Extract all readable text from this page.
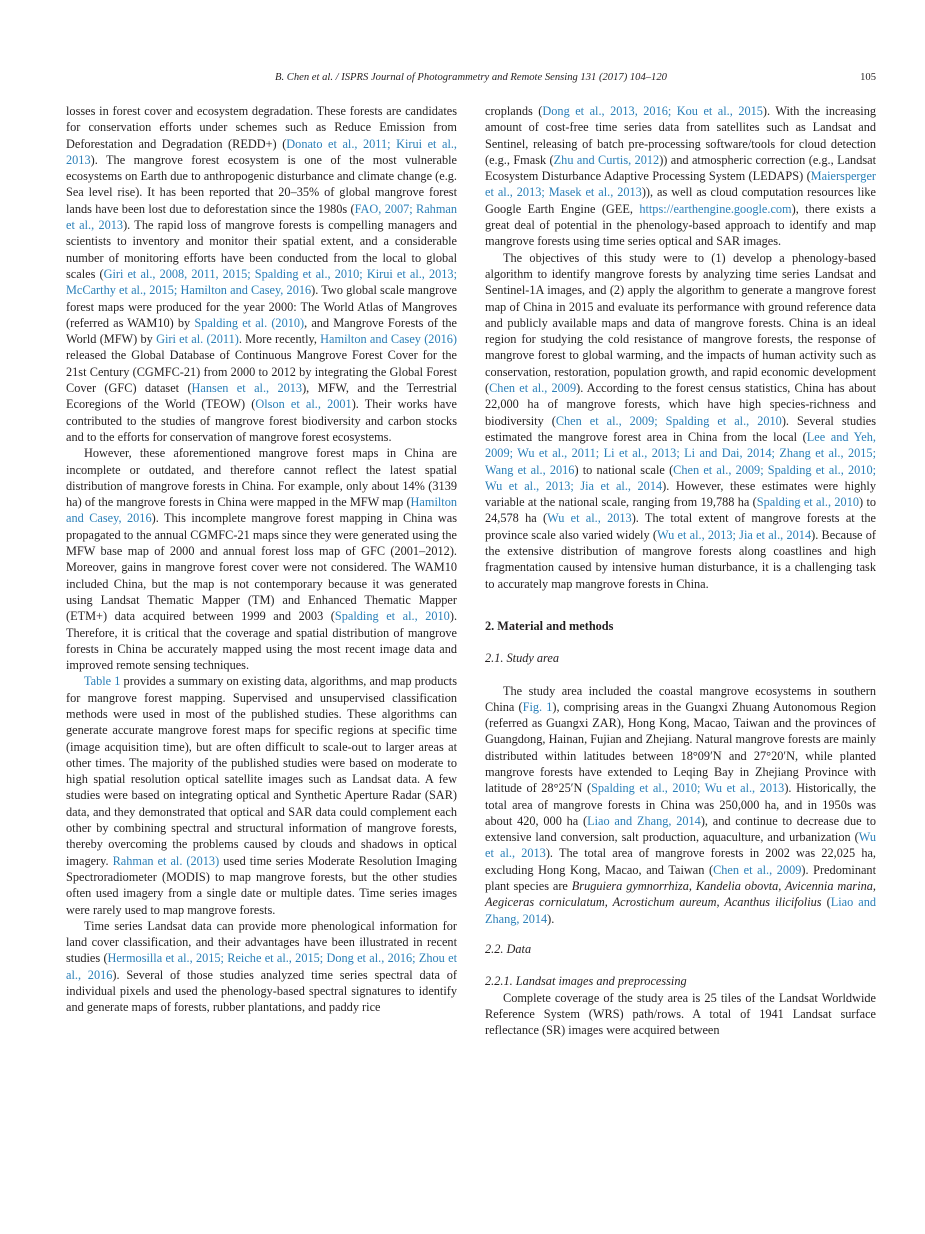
B. Chen et al. / ISPRS Journal of Photogrammetry and Remote Sensing 131 (2017) 104–120	105

losses in forest cover and ecosystem degradation. These forests are candidates for conservation efforts under schemes such as Reduce Emission from Deforestation and Degradation (REDD+) (Donato et al., 2011; Kirui et al., 2013). The mangrove forest ecosystem is one of the most vulnerable ecosystems on Earth due to anthropogenic disturbance and climate change (e.g. Sea level rise). It has been reported that 20–35% of global mangrove forest lands have been lost due to deforestation since the 1980s (FAO, 2007; Rahman et al., 2013). The rapid loss of mangrove forests is compelling managers and scientists to inventory and monitor their spatial extent, and a considerable number of monitoring efforts have been conducted from the local to global scales (Giri et al., 2008, 2011, 2015; Spalding et al., 2010; Kirui et al., 2013; McCarthy et al., 2015; Hamilton and Casey, 2016). Two global scale mangrove forest maps were produced for the year 2000: The World Atlas of Mangroves (referred as WAM10) by Spalding et al. (2010), and Mangrove Forests of the World (MFW) by Giri et al. (2011). More recently, Hamilton and Casey (2016) released the Global Database of Continuous Mangrove Forest Cover for the 21st Century (CGMFC-21) from 2000 to 2012 by integrating the Global Forest Cover (GFC) dataset (Hansen et al., 2013), MFW, and the Terrestrial Ecoregions of the World (TEOW) (Olson et al., 2001). Their works have contributed to the studies of mangrove forest biodiversity and carbon stocks and to the efforts for conservation of mangrove forest ecosystems.

However, these aforementioned mangrove forest maps in China are incomplete or outdated, and therefore cannot reflect the latest spatial distribution of mangrove forests in China. For example, only about 14% (3139 ha) of the mangrove forests in China were mapped in the MFW map (Hamilton and Casey, 2016). This incomplete mangrove forest mapping in China was propagated to the annual CGMFC-21 maps since they were generated using the MFW base map of 2000 and annual forest loss map of GFC (2001–2012). Moreover, gains in mangrove forest cover were not considered. The WAM10 included China, but the map is not contemporary because it was generated using Landsat Thematic Mapper (TM) and Enhanced Thematic Mapper (ETM+) data acquired between 1999 and 2003 (Spalding et al., 2010). Therefore, it is critical that the coverage and spatial distribution of mangrove forests in China be accurately mapped using the most recent image data and improved remote sensing techniques.

Table 1 provides a summary on existing data, algorithms, and map products for mangrove forest mapping. Supervised and unsupervised classification methods were used in most of the published studies. These algorithms can generate accurate mangrove forest maps for specific regions at specific time (image acquisition time), but are often difficult to scale-out to larger areas at other times. The majority of the published studies were based on moderate to high spatial resolution optical satellite images such as Landsat data. A few studies were based on integrating optical and Synthetic Aperture Radar (SAR) data, and they demonstrated that optical and SAR data could complement each other by combining spectral and structural information of mangrove forests, thereby overcoming the problems caused by clouds and shadows in optical imagery. Rahman et al. (2013) used time series Moderate Resolution Imaging Spectroradiometer (MODIS) to map mangrove forests, but the other studies often used imagery from a single date or multiple dates. Time series images were rarely used to map mangrove forests.

Time series Landsat data can provide more phenological information for land cover classification, and their advantages have been illustrated in recent studies (Hermosilla et al., 2015; Reiche et al., 2015; Dong et al., 2016; Zhou et al., 2016). Several of those studies analyzed time series spectral data of individual pixels and used the phenology-based spectral signatures to identify and generate maps of forests, rubber plantations, and paddy rice

croplands (Dong et al., 2013, 2016; Kou et al., 2015). With the increasing amount of cost-free time series data from satellites such as Landsat and Sentinel, releasing of batch pre-processing software/tools for cloud detection (e.g., Fmask (Zhu and Curtis, 2012)) and atmospheric correction (e.g., Landsat Ecosystem Disturbance Adaptive Processing System (LEDAPS) (Maiersperger et al., 2013; Masek et al., 2013)), as well as cloud computation resources like Google Earth Engine (GEE, https://earthengine.google.com), there exists a great deal of potential in the phenology-based approach to identify and map mangrove forests using time series optical and SAR images.

The objectives of this study were to (1) develop a phenology-based algorithm to identify mangrove forests by analyzing time series Landsat and Sentinel-1A images, and (2) apply the algorithm to generate a mangrove forest map of China in 2015 and evaluate its performance with ground reference data and publicly available maps and data of mangrove forests. China is an ideal region for studying the cold resistance of mangrove forests, the response of mangrove forest to global warming, and the impacts of human activity such as conservation, restoration, population growth, and rapid economic development (Chen et al., 2009). According to the forest census statistics, China has about 22,000 ha of mangrove forests, which have high species-richness and biodiversity (Chen et al., 2009; Spalding et al., 2010). Several studies estimated the mangrove forest area in China from the local (Lee and Yeh, 2009; Wu et al., 2011; Li et al., 2013; Li and Dai, 2014; Zhang et al., 2015; Wang et al., 2016) to national scale (Chen et al., 2009; Spalding et al., 2010; Wu et al., 2013; Jia et al., 2014). However, these estimates were highly variable at the national scale, ranging from 19,788 ha (Spalding et al., 2010) to 24,578 ha (Wu et al., 2013). The total extent of mangrove forests at the province scale also varied widely (Wu et al., 2013; Jia et al., 2014). Because of the extensive distribution of mangrove forests along coastlines and high fragmentation caused by intensive human disturbance, it is a challenging task to accurately map mangrove forests in China.

2. Material and methods
2.1. Study area

The study area included the coastal mangrove ecosystems in southern China (Fig. 1), comprising areas in the Guangxi Zhuang Autonomous Region (referred as Guangxi ZAR), Hong Kong, Macao, Taiwan and the provinces of Guangdong, Hainan, Fujian and Zhejiang. Natural mangrove forests are mainly distributed within latitudes between 18°09′N and 27°20′N, while planted mangrove forests have extended to Leqing Bay in Zhejiang Province with latitude of 28°25′N (Spalding et al., 2010; Wu et al., 2013). Historically, the total area of mangrove forests in China was 250,000 ha, and in 1950s was about 420, 000 ha (Liao and Zhang, 2014), and continue to decrease due to extensive land conversion, salt production, aquaculture, and urbanization (Wu et al., 2013). The total area of mangrove forests in 2002 was 22,025 ha, excluding Hong Kong, Macao, and Taiwan (Chen et al., 2009). Predominant plant species are Bruguiera gymnorrhiza, Kandelia obovta, Avicennia marina, Aegiceras corniculatum, Acrostichum aureum, Acanthus ilicifolius (Liao and Zhang, 2014).

2.2. Data
2.2.1. Landsat images and preprocessing

Complete coverage of the study area is 25 tiles of the Landsat Worldwide Reference System (WRS) path/rows. A total of 1941 Landsat surface reflectance (SR) images were acquired between
